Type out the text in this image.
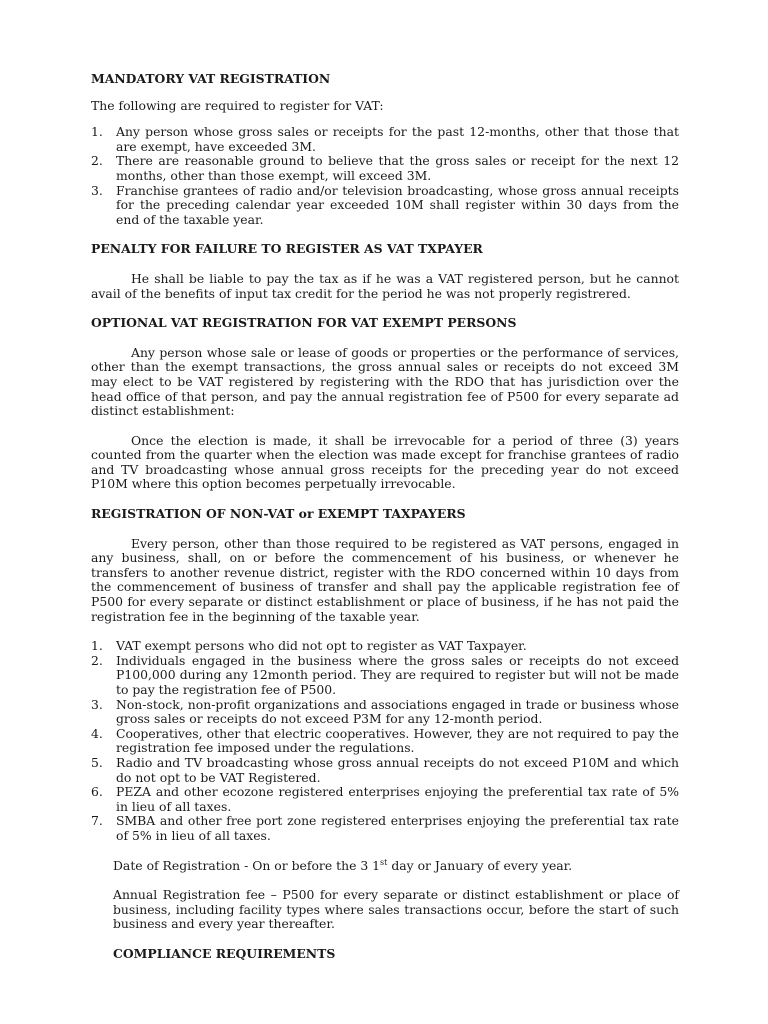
MANDATORY VAT REGISTRATION

The following are required to register for VAT:

1. Any person whose gross sales or receipts for the past 12-months, other that those that are exempt, have exceeded 3M.
2. There are reasonable ground to believe that the gross sales or receipt for the next 12 months, other than those exempt, will exceed 3M.
3. Franchise grantees of radio and/or television broadcasting, whose gross annual receipts for the preceding calendar year exceeded 10M shall register within 30 days from the end of the taxable year.

PENALTY FOR FAILURE TO REGISTER AS VAT TXPAYER

He shall be liable to pay the tax as if he was a VAT registered person, but he cannot avail of the benefits of input tax credit for the period he was not properly registrered.

OPTIONAL VAT REGISTRATION FOR VAT EXEMPT PERSONS

Any person whose sale or lease of goods or properties or the performance of services, other than the exempt transactions, the gross annual sales or receipts do not exceed 3M may elect to be VAT registered by registering with the RDO that has jurisdiction over the head office of that person, and pay the annual registration fee of P500 for every separate ad distinct establishment:

Once the election is made, it shall be irrevocable for a period of three (3) years counted from the quarter when the election was made except for franchise grantees of radio and TV broadcasting whose annual gross receipts for the preceding year do not exceed P10M where this option becomes perpetually irrevocable.

REGISTRATION OF NON-VAT or EXEMPT TAXPAYERS

Every person, other than those required to be registered as VAT persons, engaged in any business, shall, on or before the commencement of his business, or whenever he transfers to another revenue district, register with the RDO concerned within 10 days from the commencement of business of transfer and shall pay the applicable registration fee of P500 for every separate or distinct establishment or place of business, if he has not paid the registration fee in the beginning of the taxable year.

1. VAT exempt persons who did not opt to register as VAT Taxpayer.
2. Individuals engaged in the business where the gross sales or receipts do not exceed P100,000 during any 12month period. They are required to register but will not be made to pay the registration fee of P500.
3. Non-stock, non-profit organizations and associations engaged in trade or business whose gross sales or receipts do not exceed P3M for any 12-month period.
4. Cooperatives, other that electric cooperatives. However, they are not required to pay the registration fee imposed under the regulations.
5. Radio and TV broadcasting whose gross annual receipts do not exceed P10M and which do not opt to be VAT Registered.
6. PEZA and other ecozone registered enterprises enjoying the preferential tax rate of 5% in lieu of all taxes.
7. SMBA and other free port zone registered enterprises enjoying the preferential tax rate of 5% in lieu of all taxes.

Date of Registration - On or before the 3 1st day or January of every year.

Annual Registration fee – P500 for every separate or distinct establishment or place of business, including facility types where sales transactions occur, before the start of such business and every year thereafter.

COMPLIANCE REQUIREMENTS
